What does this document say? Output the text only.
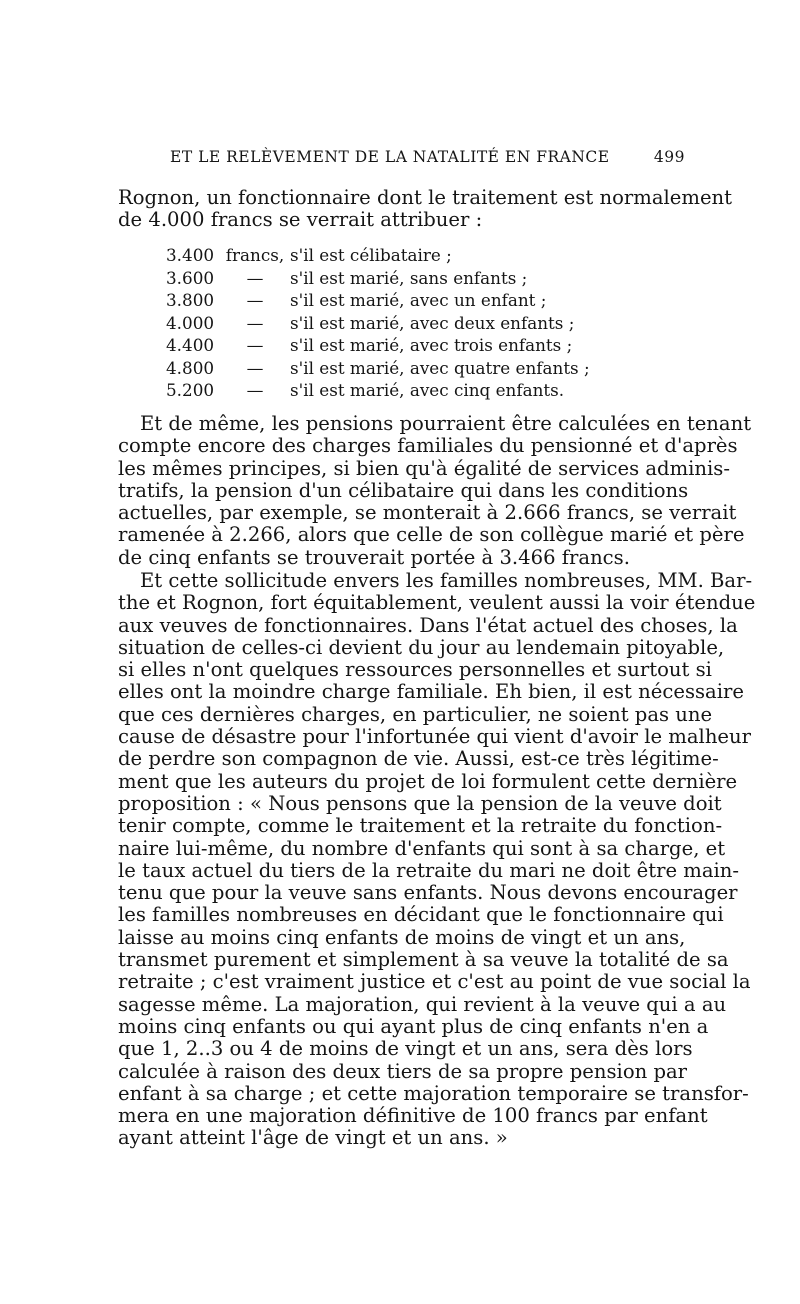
ET LE RELÈVEMENT DE LA NATALITÉ EN FRANCE	499
Rognon, un fonctionnaire dont le traitement est normalement
de 4.000 francs se verrait attribuer :
3.400 francs, s'il est célibataire ;
3.600	—	s'il est marié, sans enfants ;
3.800	—	s'il est marié, avec un enfant ;
4.000	—	s'il est marié, avec deux enfants ;
4.400	—	s'il est marié, avec trois enfants ;
4.800	—	s'il est marié, avec quatre enfants ;
5.200	—	s'il est marié, avec cinq enfants.
Et de même, les pensions pourraient être calculées en tenant
compte encore des charges familiales du pensionné et d'après
les mêmes principes, si bien qu'à égalité de services adminis-
tratifs, la pension d'un célibataire qui dans les conditions
actuelles, par exemple, se monterait à 2.666 francs, se verrait
ramenée à 2.266, alors que celle de son collègue marié et père
de cinq enfants se trouverait portée à 3.466 francs.
Et cette sollicitude envers les familles nombreuses, MM. Bar-
the et Rognon, fort équitablement, veulent aussi la voir étendue
aux veuves de fonctionnaires. Dans l'état actuel des choses, la
situation de celles-ci devient du jour au lendemain pitoyable,
si elles n'ont quelques ressources personnelles et surtout si
elles ont la moindre charge familiale. Eh bien, il est nécessaire
que ces dernières charges, en particulier, ne soient pas une
cause de désastre pour l'infortunée qui vient d'avoir le malheur
de perdre son compagnon de vie. Aussi, est-ce très légitime-
ment que les auteurs du projet de loi formulent cette dernière
proposition : « Nous pensons que la pension de la veuve doit
tenir compte, comme le traitement et la retraite du fonction-
naire lui-même, du nombre d'enfants qui sont à sa charge, et
le taux actuel du tiers de la retraite du mari ne doit être main-
tenu que pour la veuve sans enfants. Nous devons encourager
les familles nombreuses en décidant que le fonctionnaire qui
laisse au moins cinq enfants de moins de vingt et un ans,
transmet purement et simplement à sa veuve la totalité de sa
retraite ; c'est vraiment justice et c'est au point de vue social la
sagesse même. La majoration, qui revient à la veuve qui a au
moins cinq enfants ou qui ayant plus de cinq enfants n'en a
que 1, 2..3 ou 4 de moins de vingt et un ans, sera dès lors
calculée à raison des deux tiers de sa propre pension par
enfant à sa charge ; et cette majoration temporaire se transfor-
mera en une majoration définitive de 100 francs par enfant
ayant atteint l'âge de vingt et un ans. »
